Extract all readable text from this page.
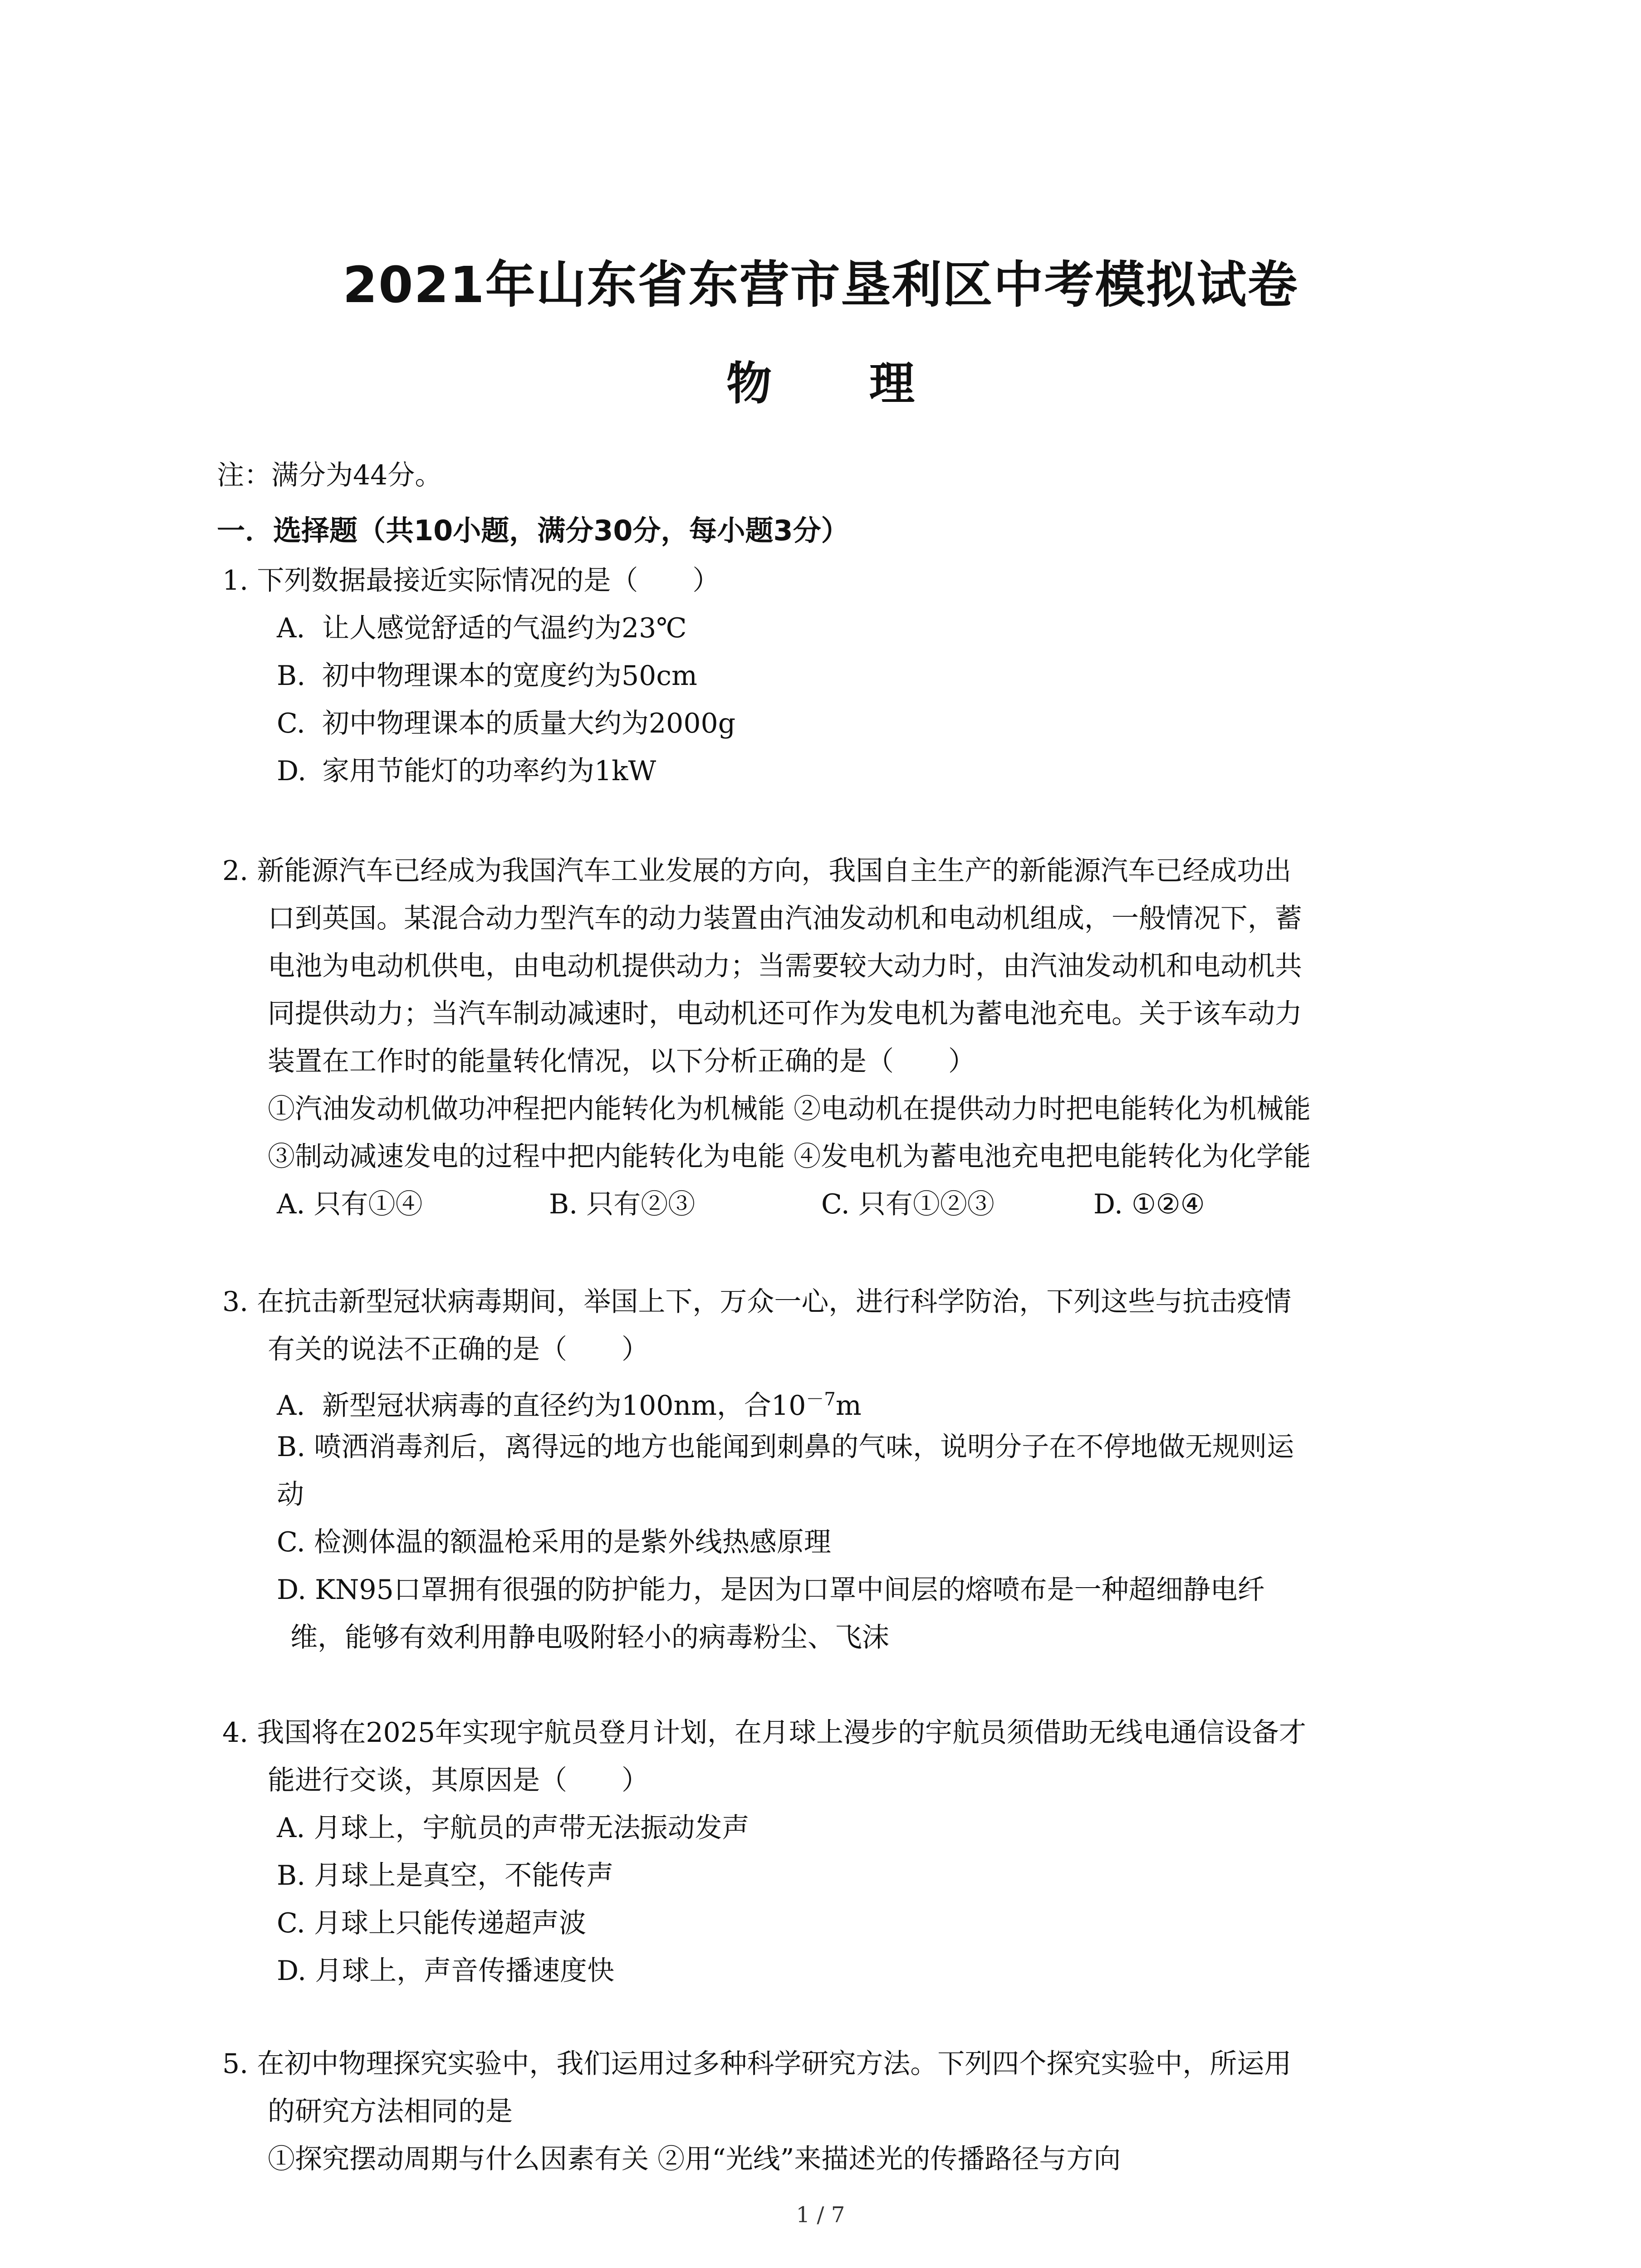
2021年山东省东营市垦利区中考模拟试卷
物 理
注：满分为44分。
一．选择题（共10小题，满分30分，每小题3分）
1. 下列数据最接近实际情况的是（　　）
A. 让人感觉舒适的气温约为23℃
B. 初中物理课本的宽度约为50cm
C. 初中物理课本的质量大约为2000g
D. 家用节能灯的功率约为1kW
2. 新能源汽车已经成为我国汽车工业发展的方向，我国自主生产的新能源汽车已经成功出
口到英国。某混合动力型汽车的动力装置由汽油发动机和电动机组成，一般情况下，蓄
电池为电动机供电，由电动机提供动力；当需要较大动力时，由汽油发动机和电动机共
同提供动力；当汽车制动减速时，电动机还可作为发电机为蓄电池充电。关于该车动力
装置在工作时的能量转化情况，以下分析正确的是（　　）
①汽油发动机做功冲程把内能转化为机械能 ②电动机在提供动力时把电能转化为机械能
③制动减速发电的过程中把内能转化为电能 ④发电机为蓄电池充电把电能转化为化学能
A. 只有①④	B. 只有②③	C. 只有①②③	D. ①②④
3. 在抗击新型冠状病毒期间，举国上下，万众一心，进行科学防治，下列这些与抗击疫情
有关的说法不正确的是（　　）
A. 新型冠状病毒的直径约为100nm，合$10^{-7}m$
B. 喷洒消毒剂后，离得远的地方也能闻到刺鼻的气味，说明分子在不停地做无规则运
动
C. 检测体温的额温枪采用的是紫外线热感原理
D. KN95口罩拥有很强的防护能力，是因为口罩中间层的熔喷布是一种超细静电纤
维，能够有效利用静电吸附轻小的病毒粉尘、飞沫
4. 我国将在2025年实现宇航员登月计划，在月球上漫步的宇航员须借助无线电通信设备才
能进行交谈，其原因是（　　）
A. 月球上，宇航员的声带无法振动发声
B. 月球上是真空，不能传声
C. 月球上只能传递超声波
D. 月球上，声音传播速度快
5. 在初中物理探究实验中，我们运用过多种科学研究方法。下列四个探究实验中，所运用
的研究方法相同的是
①探究摆动周期与什么因素有关 ②用“光线”来描述光的传播路径与方向
1 / 7
